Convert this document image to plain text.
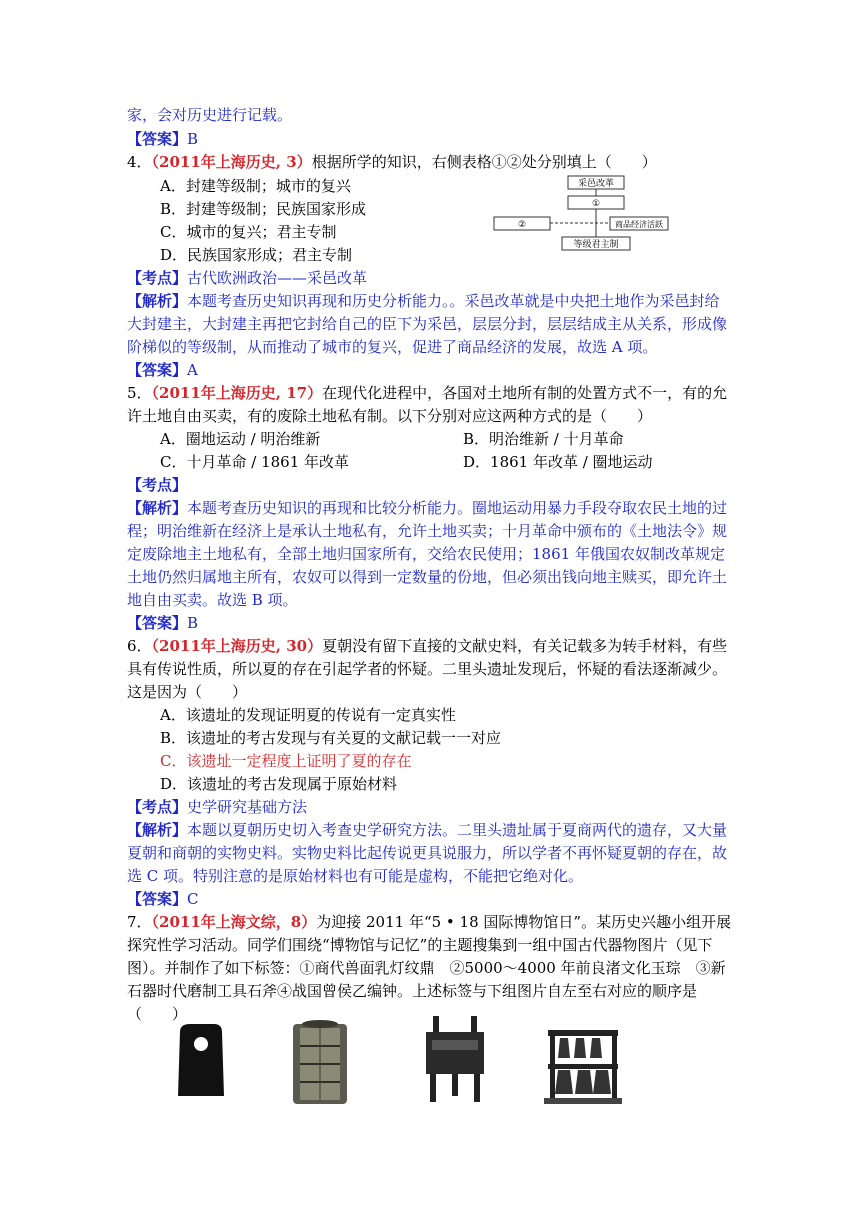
家，会对历史进行记载。
【答案】B
4．（2011年上海历史, 3）根据所学的知识，右侧表格①②处分别填上（　　）
A．封建等级制；城市的复兴
B．封建等级制；民族国家形成
C．城市的复兴；君主专制
D．民族国家形成；君主专制
采邑改革
①
②	商品经济活跃
等级君主制
【考点】古代欧洲政治——采邑改革
【解析】本题考查历史知识再现和历史分析能力。。采邑改革就是中央把土地作为采邑封给
大封建主，大封建主再把它封给自己的臣下为采邑，层层分封，层层结成主从关系，形成像
阶梯似的等级制，从而推动了城市的复兴，促进了商品经济的发展，故选 A 项。
【答案】A
5．（2011年上海历史, 17）在现代化进程中，各国对土地所有制的处置方式不一，有的允
许土地自由买卖，有的废除土地私有制。以下分别对应这两种方式的是（　　）
A．圈地运动 / 明治维新	B．明治维新 / 十月革命
C．十月革命 / 1861 年改革	D．1861 年改革 / 圈地运动
【考点】
【解析】本题考查历史知识的再现和比较分析能力。圈地运动用暴力手段夺取农民土地的过
程；明治维新在经济上是承认土地私有，允许土地买卖；十月革命中颁布的《土地法令》规
定废除地主土地私有，全部土地归国家所有，交给农民使用；1861 年俄国农奴制改革规定
土地仍然归属地主所有，农奴可以得到一定数量的份地，但必须出钱向地主赎买，即允许土
地自由买卖。故选 B 项。
【答案】B
6．（2011年上海历史, 30）夏朝没有留下直接的文献史料，有关记载多为转手材料，有些
具有传说性质，所以夏的存在引起学者的怀疑。二里头遗址发现后，怀疑的看法逐渐减少。
这是因为（　　）
A．该遗址的发现证明夏的传说有一定真实性
B．该遗址的考古发现与有关夏的文献记载一一对应
C．该遗址一定程度上证明了夏的存在
D．该遗址的考古发现属于原始材料
【考点】史学研究基础方法
【解析】本题以夏朝历史切入考查史学研究方法。二里头遗址属于夏商两代的遗存，又大量
夏朝和商朝的实物史料。实物史料比起传说更具说服力，所以学者不再怀疑夏朝的存在，故
选 C 项。特别注意的是原始材料也有可能是虚构，不能把它绝对化。
【答案】C
7．（2011年上海文综，8）为迎接 2011 年“5 • 18 国际博物馆日”。某历史兴趣小组开展
探究性学习活动。同学们围绕“博物馆与记忆”的主题搜集到一组中国古代器物图片（见下
图）。并制作了如下标签：①商代兽面乳灯纹鼎　②5000～4000 年前良渚文化玉琮　③新
石器时代磨制工具石斧④战国曾侯乙编钟。上述标签与下组图片自左至右对应的顺序是
（　　）
